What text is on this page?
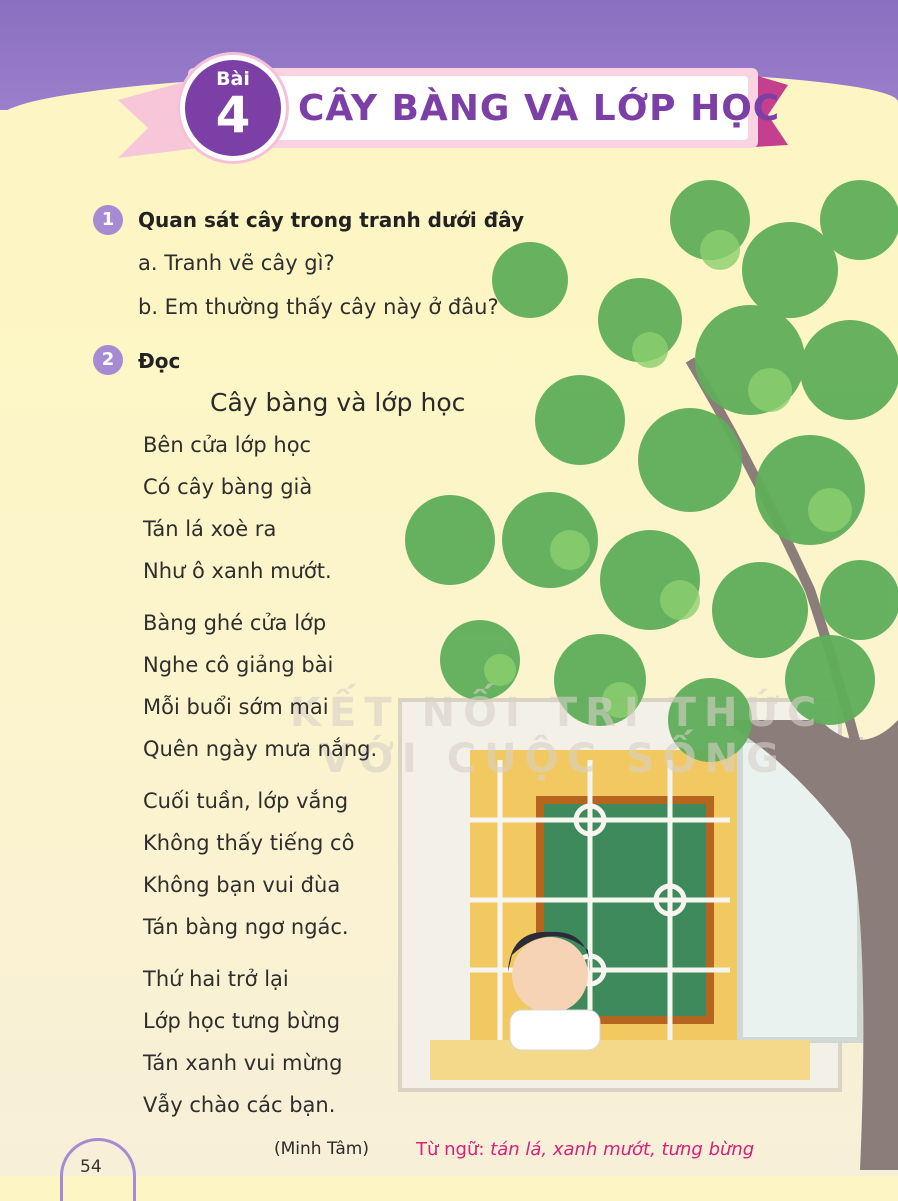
KẾT NỐI TRI THỨC
VỚI CUỘC SỐNG
Bài
4	CÂY BÀNG VÀ LỚP HỌC
1	Quan sát cây trong tranh dưới đây
a. Tranh vẽ cây gì?
b. Em thường thấy cây này ở đâu?
2	Đọc
Cây bàng và lớp học
Bên cửa lớp học
Có cây bàng già
Tán lá xoè ra
Như ô xanh mướt.
Bàng ghé cửa lớp
Nghe cô giảng bài
Mỗi buổi sớm mai
Quên ngày mưa nắng.
Cuối tuần, lớp vắng
Không thấy tiếng cô
Không bạn vui đùa
Tán bàng ngơ ngác.
Thứ hai trở lại
Lớp học tưng bừng
Tán xanh vui mừng
Vẫy chào các bạn.
(Minh Tâm)	Từ ngữ: tán lá, xanh mướt, tưng bừng
54
